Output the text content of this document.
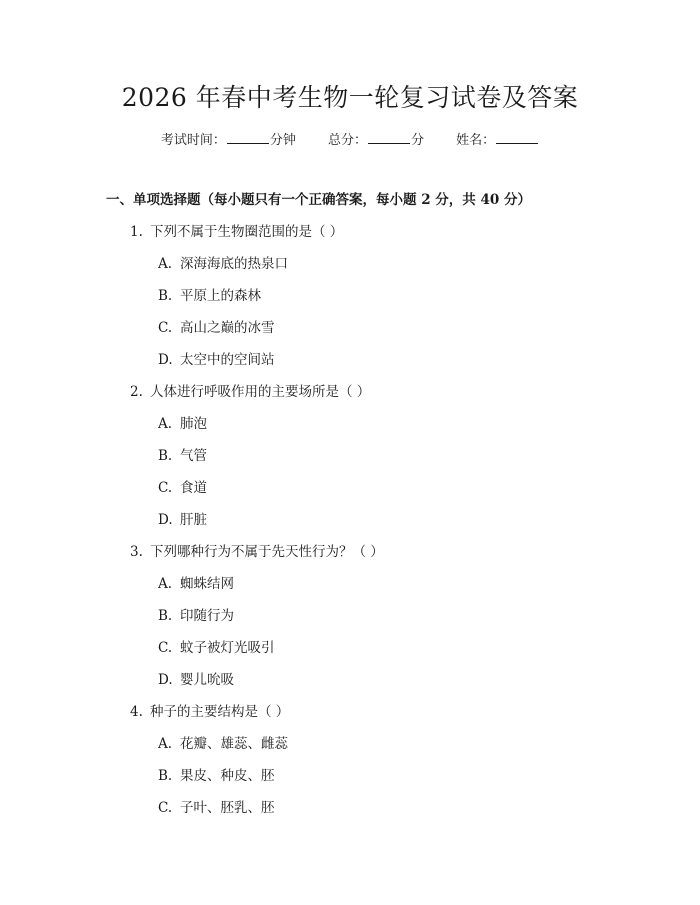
2026 年春中考生物一轮复习试卷及答案
考试时间：	分钟 总分：	分 姓名：
一、单项选择题（每小题只有一个正确答案，每小题 2 分，共 40 分）
1. 下列不属于生物圈范围的是（ ）
A. 深海海底的热泉口
B. 平原上的森林
C. 高山之巅的冰雪
D. 太空中的空间站
2. 人体进行呼吸作用的主要场所是（ ）
A. 肺泡
B. 气管
C. 食道
D. 肝脏
3. 下列哪种行为不属于先天性行为？（ ）
A. 蜘蛛结网
B. 印随行为
C. 蚊子被灯光吸引
D. 婴儿吮吸
4. 种子的主要结构是（ ）
A. 花瓣、雄蕊、雌蕊
B. 果皮、种皮、胚
C. 子叶、胚乳、胚
